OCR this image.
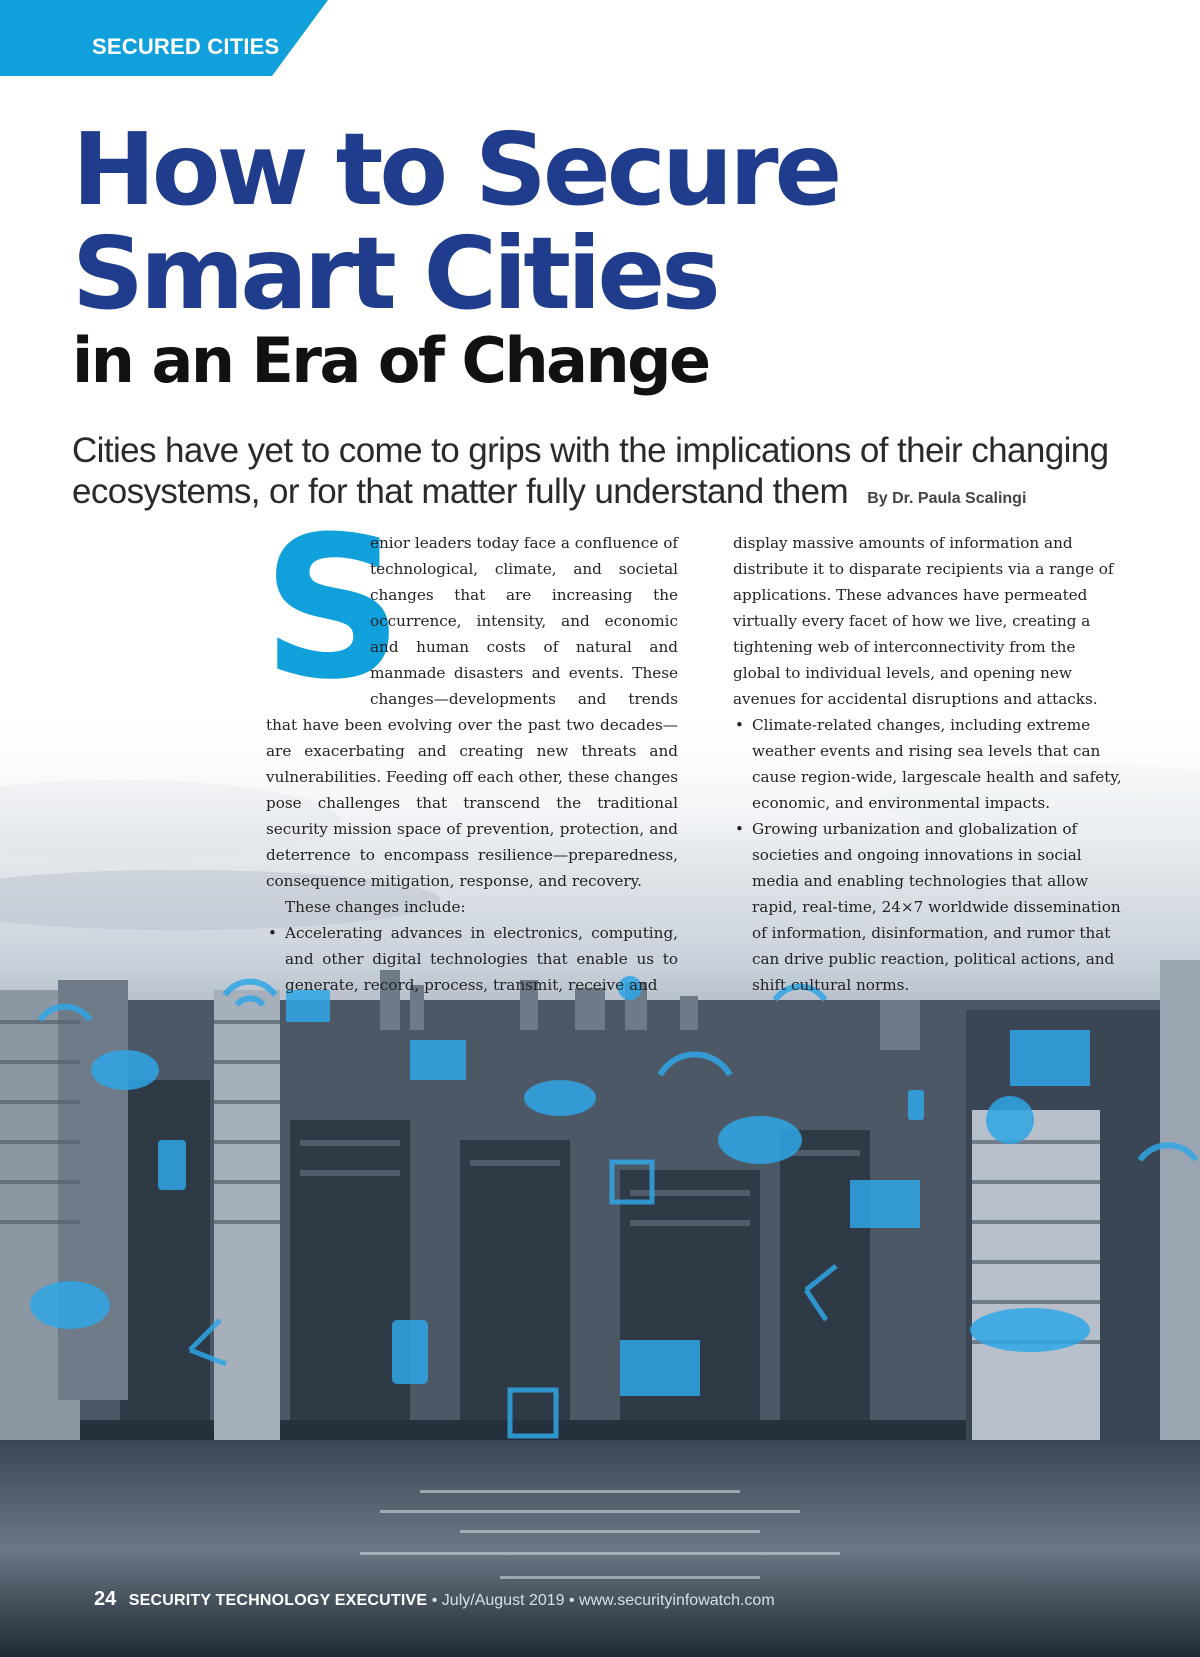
SECURED CITIES
How to Secure
Smart Cities
in an Era of Change
Cities have yet to come to grips with the implications of their changing ecosystems, or for that matter fully understand them By Dr. Paula Scalingi
S

enior leaders today face a confluence of technological, climate, and societal changes that are increasing the occurrence, intensity, and economic and human costs of natural and manmade disasters and events. These changes—developments and trends that have been evolving over the past two decades—are exacerbating and creating new threats and vulnerabilities. Feeding off each other, these changes pose challenges that transcend the traditional security mission space of prevention, protection, and deterrence to encompass resilience—preparedness, consequence mitigation, response, and recovery.

These changes include:

• Accelerating advances in electronics, computing, and other digital technologies that enable us to generate, record, process, transmit, receive and
display massive amounts of information and distribute it to disparate recipients via a range of applications. These advances have permeated virtually every facet of how we live, creating a tightening web of interconnectivity from the global to individual levels, and opening new avenues for accidental disruptions and attacks.
• Climate-related changes, including extreme weather events and rising sea levels that can cause region-wide, largescale health and safety, economic, and environmental impacts.
• Growing urbanization and globalization of societies and ongoing innovations in social media and enabling technologies that allow rapid, real-time, 24×7 worldwide dissemination of information, disinformation, and rumor that can drive public reaction, political actions, and shift cultural norms.
24 SECURITY TECHNOLOGY EXECUTIVE • July/August 2019 • www.securityinfowatch.com
